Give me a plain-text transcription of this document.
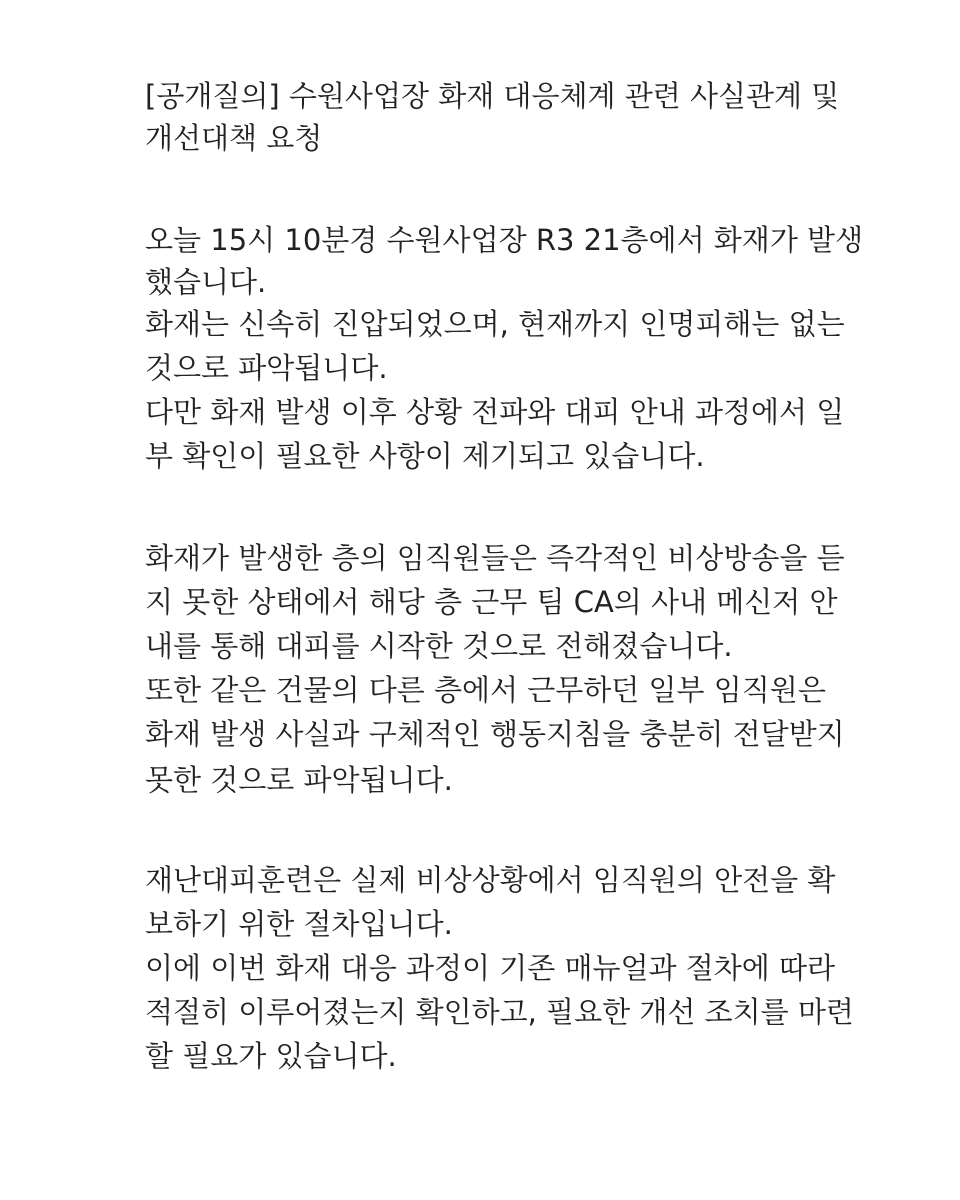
[공개질의] 수원사업장 화재 대응체계 관련 사실관계 및
개선대책 요청
오늘 15시 10분경 수원사업장 R3 21층에서 화재가 발생
했습니다.
화재는 신속히 진압되었으며, 현재까지 인명피해는 없는
것으로 파악됩니다.
다만 화재 발생 이후 상황 전파와 대피 안내 과정에서 일
부 확인이 필요한 사항이 제기되고 있습니다.
화재가 발생한 층의 임직원들은 즉각적인 비상방송을 듣
지 못한 상태에서 해당 층 근무 팀 CA의 사내 메신저 안
내를 통해 대피를 시작한 것으로 전해졌습니다.
또한 같은 건물의 다른 층에서 근무하던 일부 임직원은
화재 발생 사실과 구체적인 행동지침을 충분히 전달받지
못한 것으로 파악됩니다.
재난대피훈련은 실제 비상상황에서 임직원의 안전을 확
보하기 위한 절차입니다.
이에 이번 화재 대응 과정이 기존 매뉴얼과 절차에 따라
적절히 이루어졌는지 확인하고, 필요한 개선 조치를 마련
할 필요가 있습니다.
